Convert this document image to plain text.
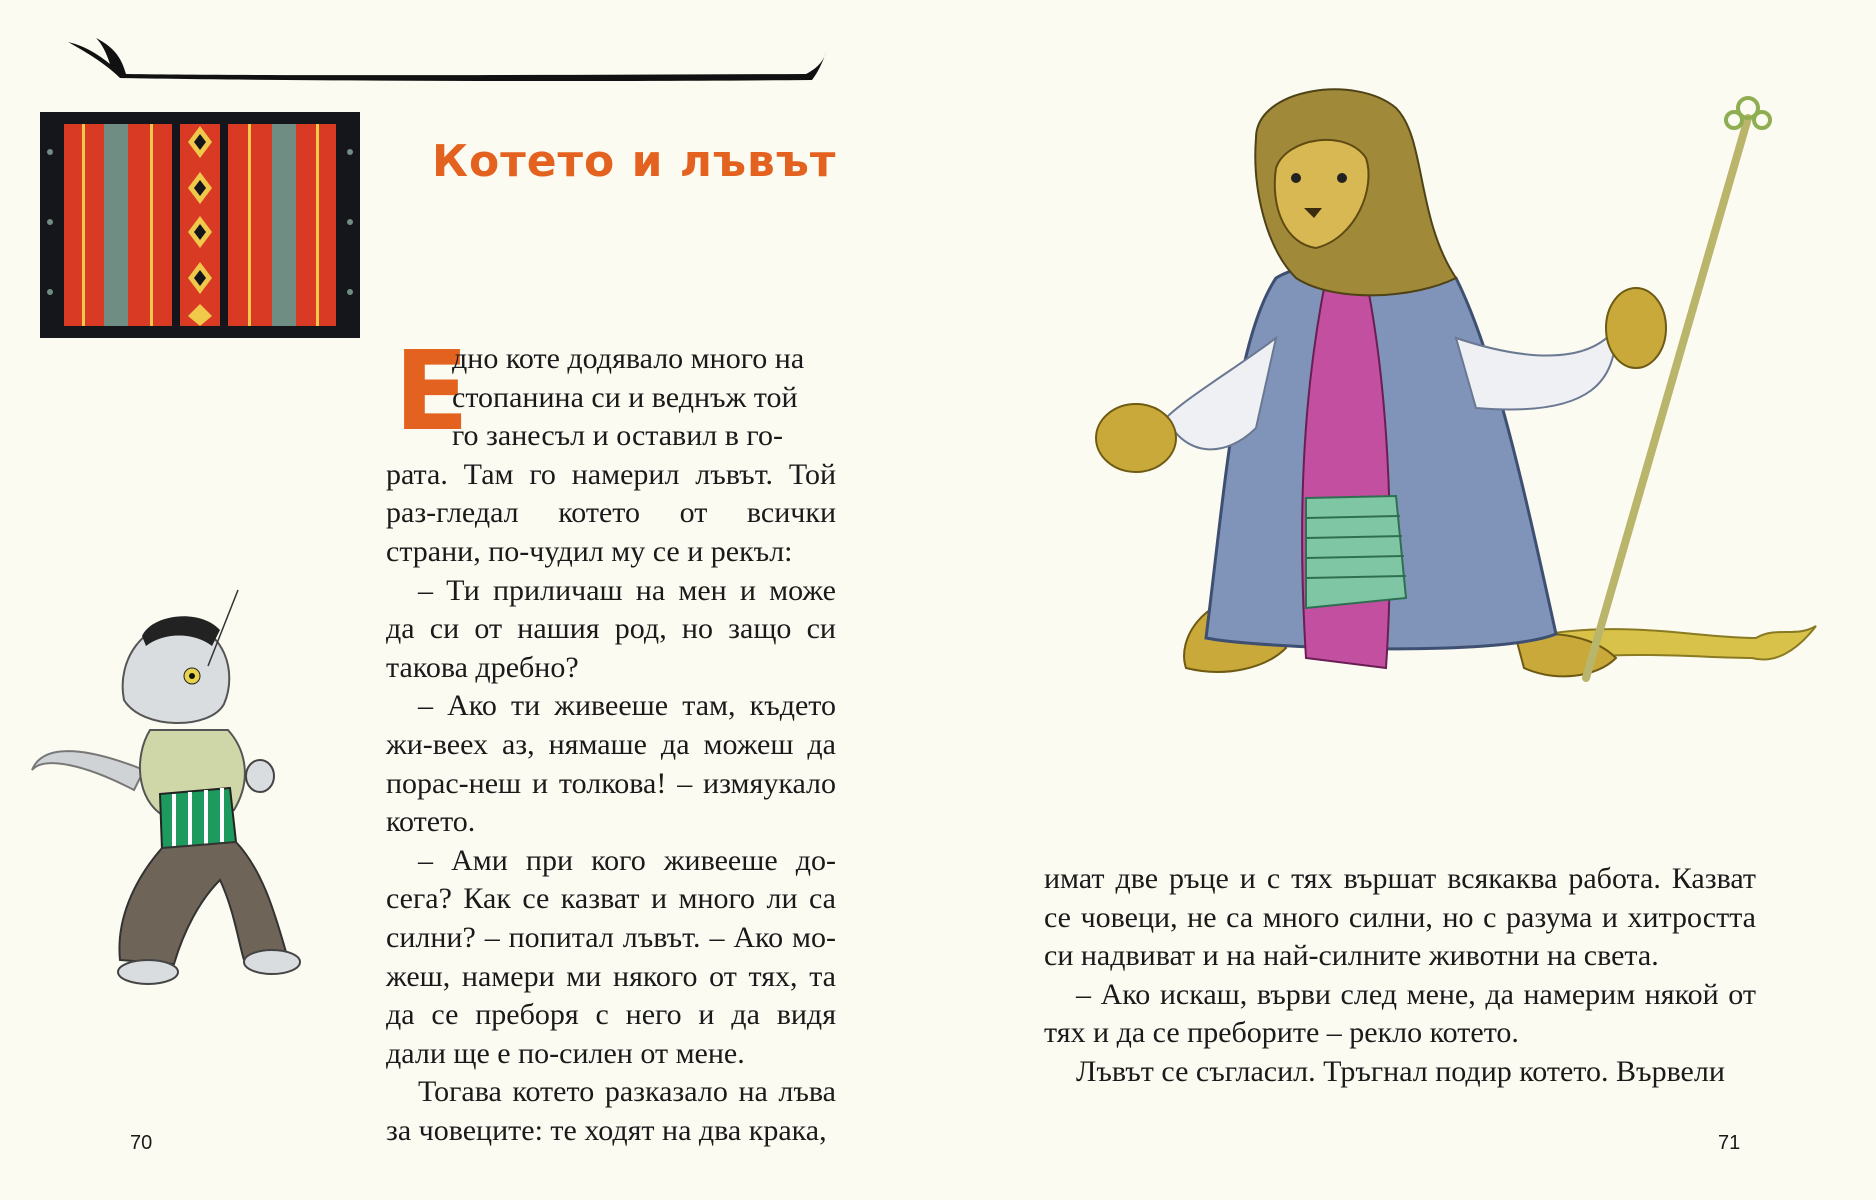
Котето и лъвът
Е

дно коте додявало много на

стопанина си и веднъж той

го занесъл и оставил в го-

рата. Там го намерил лъвът. Той раз-гледал котето от всички страни, по-чудил му се и рекъл:

– Ти приличаш на мен и може да си от нашия род, но защо си такова дребно?

– Ако ти живееше там, където жи-веех аз, нямаше да можеш да порас-неш и толкова! – измяукало котето.

– Ами при кого живееше до-сега? Как се казват и много ли са силни? – попитал лъвът. – Ако мо-жеш, намери ми някого от тях, та да се преборя с него и да видя дали ще е по-силен от мене.

Тогава котето разказало на лъва за човеците: те ходят на два крака,

70

имат две ръце и с тях вършат всякаква работа. Казват се човеци, не са много силни, но с разума и хитростта си надвиват и на най-силните животни на света.

– Ако искаш, върви след мене, да намерим някой от тях и да се преборите – рекло котето.

Лъвът се съгласил. Тръгнал подир котето. Вървели

71
